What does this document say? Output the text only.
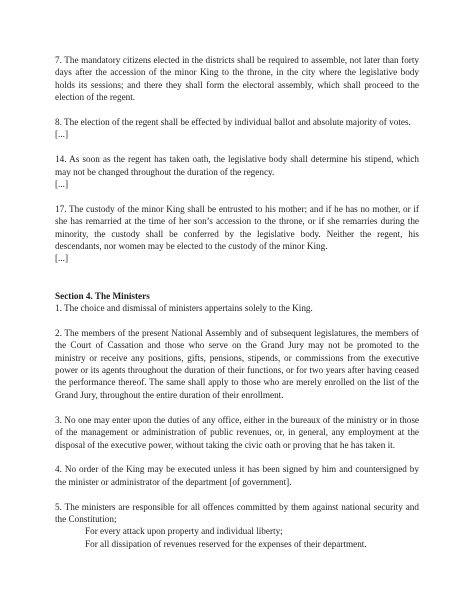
7. The mandatory citizens elected in the districts shall be required to assemble, not later than forty days after the accession of the minor King to the throne, in the city where the legislative body holds its sessions; and there they shall form the electoral assembly, which shall proceed to the election of the regent.

8. The election of the regent shall be effected by individual ballot and absolute majority of votes.
[...]

14. As soon as the regent has taken oath, the legislative body shall determine his stipend, which may not be changed throughout the duration of the regency.
[...]

17. The custody of the minor King shall be entrusted to his mother; and if he has no mother, or if she has remarried at the time of her son’s accession to the throne, or if she remarries during the minority, the custody shall be conferred by the legislative body. Neither the regent, his descendants, nor women may be elected to the custody of the minor King.
[...]

Section 4. The Ministers
1. The choice and dismissal of ministers appertains solely to the King.

2. The members of the present National Assembly and of subsequent legislatures, the members of the Court of Cassation and those who serve on the Grand Jury may not be promoted to the ministry or receive any positions, gifts, pensions, stipends, or commissions from the executive power or its agents throughout the duration of their functions, or for two years after having ceased the performance thereof. The same shall apply to those who are merely enrolled on the list of the Grand Jury, throughout the entire duration of their enrollment.

3. No one may enter upon the duties of any office, either in the bureaux of the ministry or in those of the management or administration of public revenues, or, in general, any employment at the disposal of the executive power, without taking the civic oath or proving that he has taken it.

4. No order of the King may be executed unless it has been signed by him and countersigned by the minister or administrator of the department [of government].

5. The ministers are responsible for all offences committed by them against national security and the Constitution;
For every attack upon property and individual liberty;
For all dissipation of revenues reserved for the expenses of their department.
